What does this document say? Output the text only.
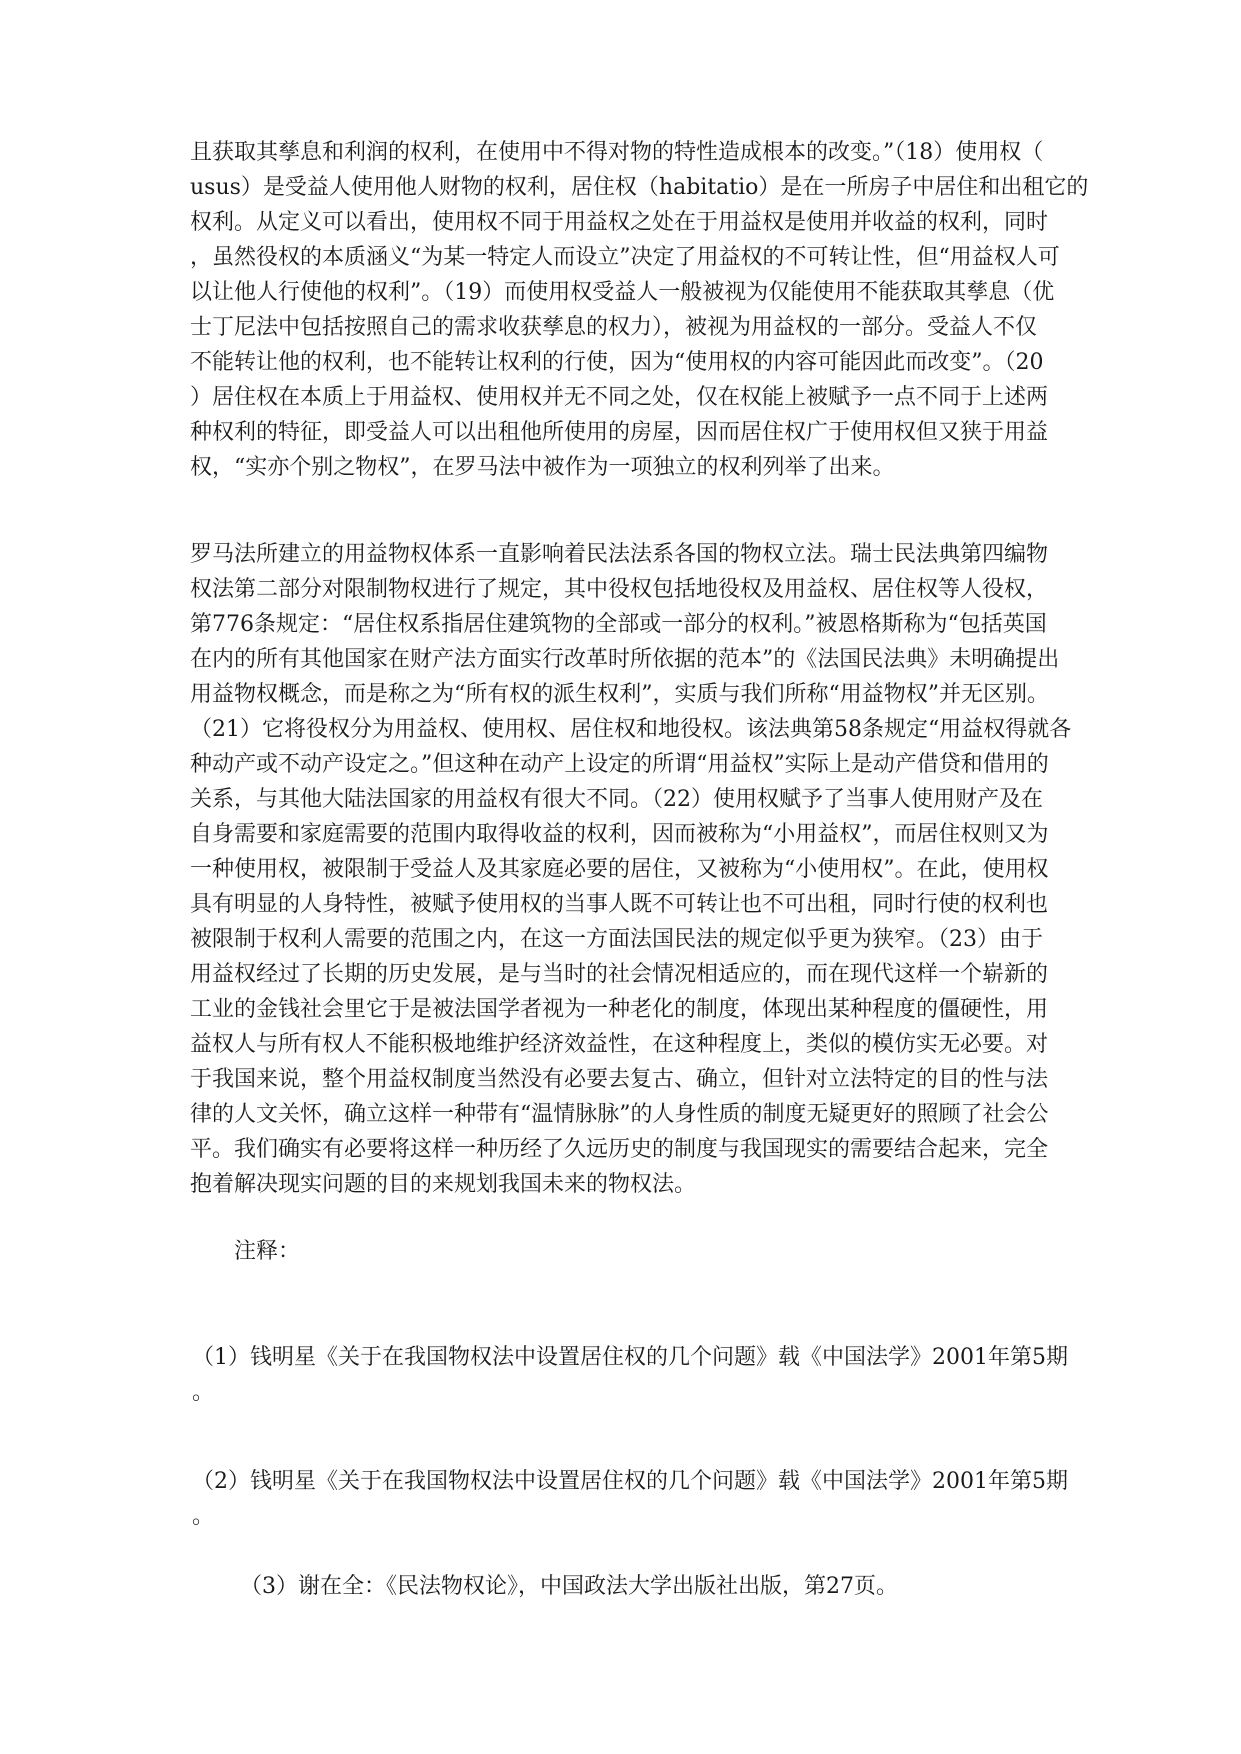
且获取其孳息和利润的权利，在使用中不得对物的特性造成根本的改变。”（18）使用权（
usus）是受益人使用他人财物的权利，居住权（habitatio）是在一所房子中居住和出租它的
权利。从定义可以看出，使用权不同于用益权之处在于用益权是使用并收益的权利，同时
，虽然役权的本质涵义“为某一特定人而设立”决定了用益权的不可转让性，但“用益权人可
以让他人行使他的权利”。（19）而使用权受益人一般被视为仅能使用不能获取其孳息（优
士丁尼法中包括按照自己的需求收获孳息的权力），被视为用益权的一部分。受益人不仅
不能转让他的权利，也不能转让权利的行使，因为“使用权的内容可能因此而改变”。（20
）居住权在本质上于用益权、使用权并无不同之处，仅在权能上被赋予一点不同于上述两
种权利的特征，即受益人可以出租他所使用的房屋，因而居住权广于使用权但又狭于用益
权，“实亦个别之物权”，在罗马法中被作为一项独立的权利列举了出来。
罗马法所建立的用益物权体系一直影响着民法法系各国的物权立法。瑞士民法典第四编物
权法第二部分对限制物权进行了规定，其中役权包括地役权及用益权、居住权等人役权，
第776条规定：“居住权系指居住建筑物的全部或一部分的权利。”被恩格斯称为“包括英国
在内的所有其他国家在财产法方面实行改革时所依据的范本”的《法国民法典》未明确提出
用益物权概念，而是称之为“所有权的派生权利”，实质与我们所称“用益物权”并无区别。
（21）它将役权分为用益权、使用权、居住权和地役权。该法典第58条规定“用益权得就各
种动产或不动产设定之。”但这种在动产上设定的所谓“用益权”实际上是动产借贷和借用的
关系，与其他大陆法国家的用益权有很大不同。（22）使用权赋予了当事人使用财产及在
自身需要和家庭需要的范围内取得收益的权利，因而被称为“小用益权”，而居住权则又为
一种使用权，被限制于受益人及其家庭必要的居住，又被称为“小使用权”。在此，使用权
具有明显的人身特性，被赋予使用权的当事人既不可转让也不可出租，同时行使的权利也
被限制于权利人需要的范围之内，在这一方面法国民法的规定似乎更为狭窄。（23）由于
用益权经过了长期的历史发展，是与当时的社会情况相适应的，而在现代这样一个崭新的
工业的金钱社会里它于是被法国学者视为一种老化的制度，体现出某种程度的僵硬性，用
益权人与所有权人不能积极地维护经济效益性，在这种程度上，类似的模仿实无必要。对
于我国来说，整个用益权制度当然没有必要去复古、确立，但针对立法特定的目的性与法
律的人文关怀，确立这样一种带有“温情脉脉”的人身性质的制度无疑更好的照顾了社会公
平。我们确实有必要将这样一种历经了久远历史的制度与我国现实的需要结合起来，完全
抱着解决现实问题的目的来规划我国未来的物权法。
注释：
（1）钱明星《关于在我国物权法中设置居住权的几个问题》载《中国法学》2001年第5期
。
（2）钱明星《关于在我国物权法中设置居住权的几个问题》载《中国法学》2001年第5期
。
（3）谢在全：《民法物权论》，中国政法大学出版社出版，第27页。
